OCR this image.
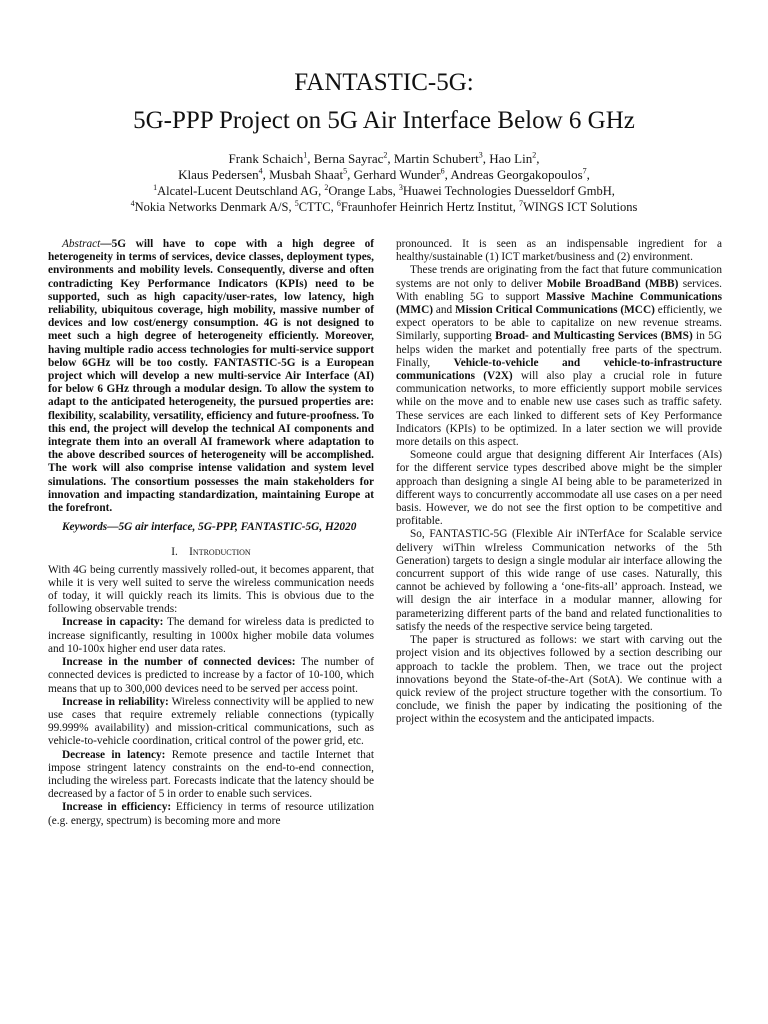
FANTASTIC-5G:
5G-PPP Project on 5G Air Interface Below 6 GHz
Frank Schaich$^1$, Berna Sayrac$^2$, Martin Schubert$^3$, Hao Lin$^2$,
Klaus Pedersen$^4$, Musbah Shaat$^5$, Gerhard Wunder$^6$, Andreas Georgakopoulos$^7$,
$^1$Alcatel-Lucent Deutschland AG, $^2$Orange Labs, $^3$Huawei Technologies Duesseldorf GmbH,
$^4$Nokia Networks Denmark A/S, $^5$CTTC, $^6$Fraunhofer Heinrich Hertz Institut, $^7$WINGS ICT Solutions

Abstract—5G will have to cope with a high degree of heterogeneity in terms of services, device classes, deployment types, environments and mobility levels. Consequently, diverse and often contradicting Key Performance Indicators (KPIs) need to be supported, such as high capacity/user-rates, low latency, high reliability, ubiquitous coverage, high mobility, massive number of devices and low cost/energy consumption. 4G is not designed to meet such a high degree of heterogeneity efficiently. Moreover, having multiple radio access technologies for multi-service support below 6GHz will be too costly. FANTASTIC-5G is a European project which will develop a new multi-service Air Interface (AI) for below 6 GHz through a modular design. To allow the system to adapt to the anticipated heterogeneity, the pursued properties are: flexibility, scalability, versatility, efficiency and future-proofness. To this end, the project will develop the technical AI components and integrate them into an overall AI framework where adaptation to the above described sources of heterogeneity will be accomplished. The work will also comprise intense validation and system level simulations. The consortium possesses the main stakeholders for innovation and impacting standardization, maintaining Europe at the forefront.

Keywords—5G air interface, 5G-PPP, FANTASTIC-5G, H2020

I. Introduction

With 4G being currently massively rolled-out, it becomes apparent, that while it is very well suited to serve the wireless communication needs of today, it will quickly reach its limits. This is obvious due to the following observable trends:

Increase in capacity: The demand for wireless data is predicted to increase significantly, resulting in 1000x higher mobile data volumes and 10-100x higher end user data rates.

Increase in the number of connected devices: The number of connected devices is predicted to increase by a factor of 10-100, which means that up to 300,000 devices need to be served per access point.

Increase in reliability: Wireless connectivity will be applied to new use cases that require extremely reliable connections (typically 99.999% availability) and mission-critical communications, such as vehicle-to-vehicle coordination, critical control of the power grid, etc.

Decrease in latency: Remote presence and tactile Internet that impose stringent latency constraints on the end-to-end connection, including the wireless part. Forecasts indicate that the latency should be decreased by a factor of 5 in order to enable such services.

Increase in efficiency: Efficiency in terms of resource utilization (e.g. energy, spectrum) is becoming more and more

pronounced. It is seen as an indispensable ingredient for a healthy/sustainable (1) ICT market/business and (2) environment.

These trends are originating from the fact that future communication systems are not only to deliver Mobile BroadBand (MBB) services. With enabling 5G to support Massive Machine Communications (MMC) and Mission Critical Communications (MCC) efficiently, we expect operators to be able to capitalize on new revenue streams. Similarly, supporting Broad- and Multicasting Services (BMS) in 5G helps widen the market and potentially free parts of the spectrum. Finally, Vehicle-to-vehicle and vehicle-to-infrastructure communications (V2X) will also play a crucial role in future communication networks, to more efficiently support mobile services while on the move and to enable new use cases such as traffic safety. These services are each linked to different sets of Key Performance Indicators (KPIs) to be optimized. In a later section we will provide more details on this aspect.

Someone could argue that designing different Air Interfaces (AIs) for the different service types described above might be the simpler approach than designing a single AI being able to be parameterized in different ways to concurrently accommodate all use cases on a per need basis. However, we do not see the first option to be competitive and profitable.

So, FANTASTIC-5G (Flexible Air iNTerfAce for Scalable service delivery wiThin wIreless Communication networks of the 5th Generation) targets to design a single modular air interface allowing the concurrent support of this wide range of use cases. Naturally, this cannot be achieved by following a ‘one-fits-all’ approach. Instead, we will design the air interface in a modular manner, allowing for parameterizing different parts of the band and related functionalities to satisfy the needs of the respective service being targeted.

The paper is structured as follows: we start with carving out the project vision and its objectives followed by a section describing our approach to tackle the problem. Then, we trace out the project innovations beyond the State-of-the-Art (SotA). We continue with a quick review of the project structure together with the consortium. To conclude, we finish the paper by indicating the positioning of the project within the ecosystem and the anticipated impacts.
